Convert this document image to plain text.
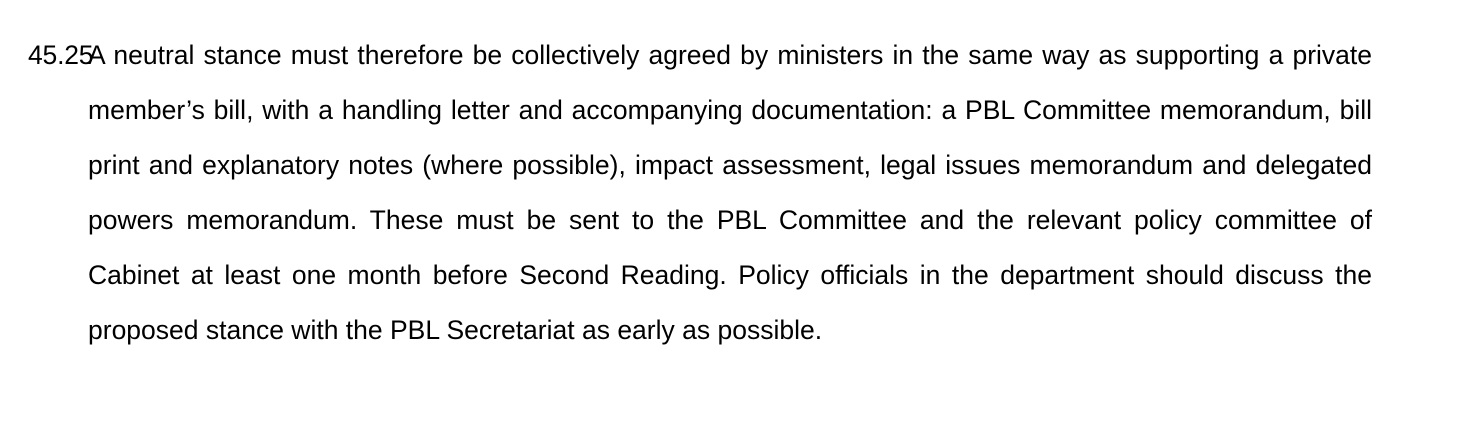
45.25
A neutral stance must therefore be collectively agreed by ministers in the same way as supporting a private member’s bill, with a handling letter and accompanying documentation: a PBL Committee memorandum, bill print and explanatory notes (where possible), impact assessment, legal issues memorandum and delegated powers memorandum. These must be sent to the PBL Committee and the relevant policy committee of Cabinet at least one month before Second Reading. Policy officials in the department should discuss the proposed stance with the PBL Secretariat as early as possible.
